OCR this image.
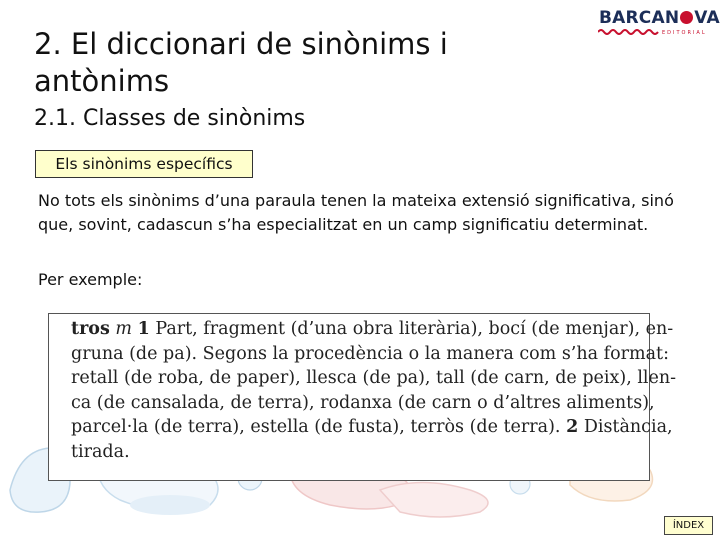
2. El diccionari de sinònims i antònims
2.1. Classes de sinònims
BARCAN VA
EDITORIAL
Els sinònims específics

No tots els sinònims d’una paraula tenen la mateixa extensió significativa, sinó que, sovint, cadascun s’ha especialitzat en un camp significatiu determinat.

Per exemple:
tros m 1 Part, fragment (d’una obra literària), bocí (de menjar), en-
gruna (de pa). Segons la procedència o la manera com s’ha format:
retall (de roba, de paper), llesca (de pa), tall (de carn, de peix), llen-
ca (de cansalada, de terra), rodanxa (de carn o d’altres aliments),
parcel·la (de terra), estella (de fusta), terròs (de terra). 2 Distància,
tirada.
ÍNDEX
